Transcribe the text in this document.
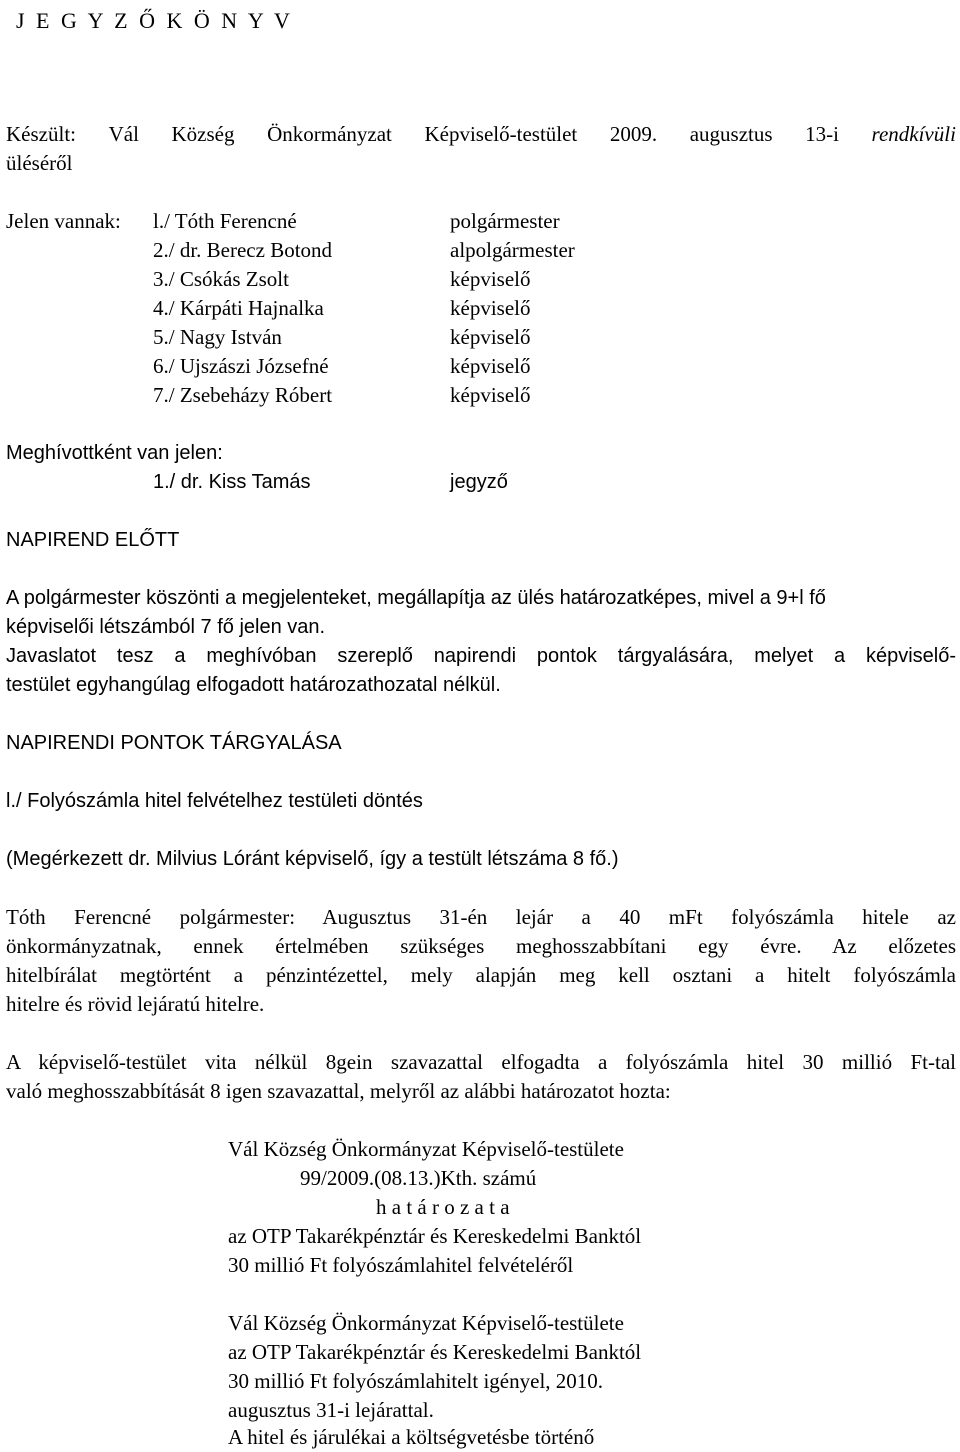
J E G Y Z Ő K Ö N Y V
Készült: Vál Község Önkormányzat Képviselő-testület 2009. augusztus 13-i rendkívüli
üléséről
Jelen vannak: l./ Tóth Ferencné	polgármester
2./ dr. Berecz Botond	alpolgármester
3./ Csókás Zsolt	képviselő
4./ Kárpáti Hajnalka	képviselő
5./ Nagy István	képviselő
6./ Ujszászi Józsefné	képviselő
7./ Zsebeházy Róbert	képviselő
Meghívottként van jelen:
1./ dr. Kiss Tamás	jegyző
NAPIREND ELŐTT
A polgármester köszönti a megjelenteket, megállapítja az ülés határozatképes, mivel a 9+l fő
képviselői létszámból 7 fő jelen van.
Javaslatot tesz a meghívóban szereplő napirendi pontok tárgyalására, melyet a képviselő-
testület egyhangúlag elfogadott határozathozatal nélkül.
NAPIRENDI PONTOK TÁRGYALÁSA
l./ Folyószámla hitel felvételhez testületi döntés
(Megérkezett dr. Milvius Lóránt képviselő, így a testült létszáma 8 fő.)
Tóth Ferencné polgármester: Augusztus 31-én lejár a 40 mFt folyószámla hitele az
önkormányzatnak, ennek értelmében szükséges meghosszabbítani egy évre. Az előzetes
hitelbírálat megtörtént a pénzintézettel, mely alapján meg kell osztani a hitelt folyószámla
hitelre és rövid lejáratú hitelre.
A képviselő-testület vita nélkül 8gein szavazattal elfogadta a folyószámla hitel 30 millió Ft-tal
való meghosszabbítását 8 igen szavazattal, melyről az alábbi határozatot hozta:
Vál Község Önkormányzat Képviselő-testülete
99/2009.(08.13.)Kth. számú
h a t á r o z a t a
az OTP Takarékpénztár és Kereskedelmi Banktól
30 millió Ft folyószámlahitel felvételéről
Vál Község Önkormányzat Képviselő-testülete
az OTP Takarékpénztár és Kereskedelmi Banktól
30 millió Ft folyószámlahitelt igényel, 2010.
augusztus 31-i lejárattal.
A hitel és járulékai a költségvetésbe történő
